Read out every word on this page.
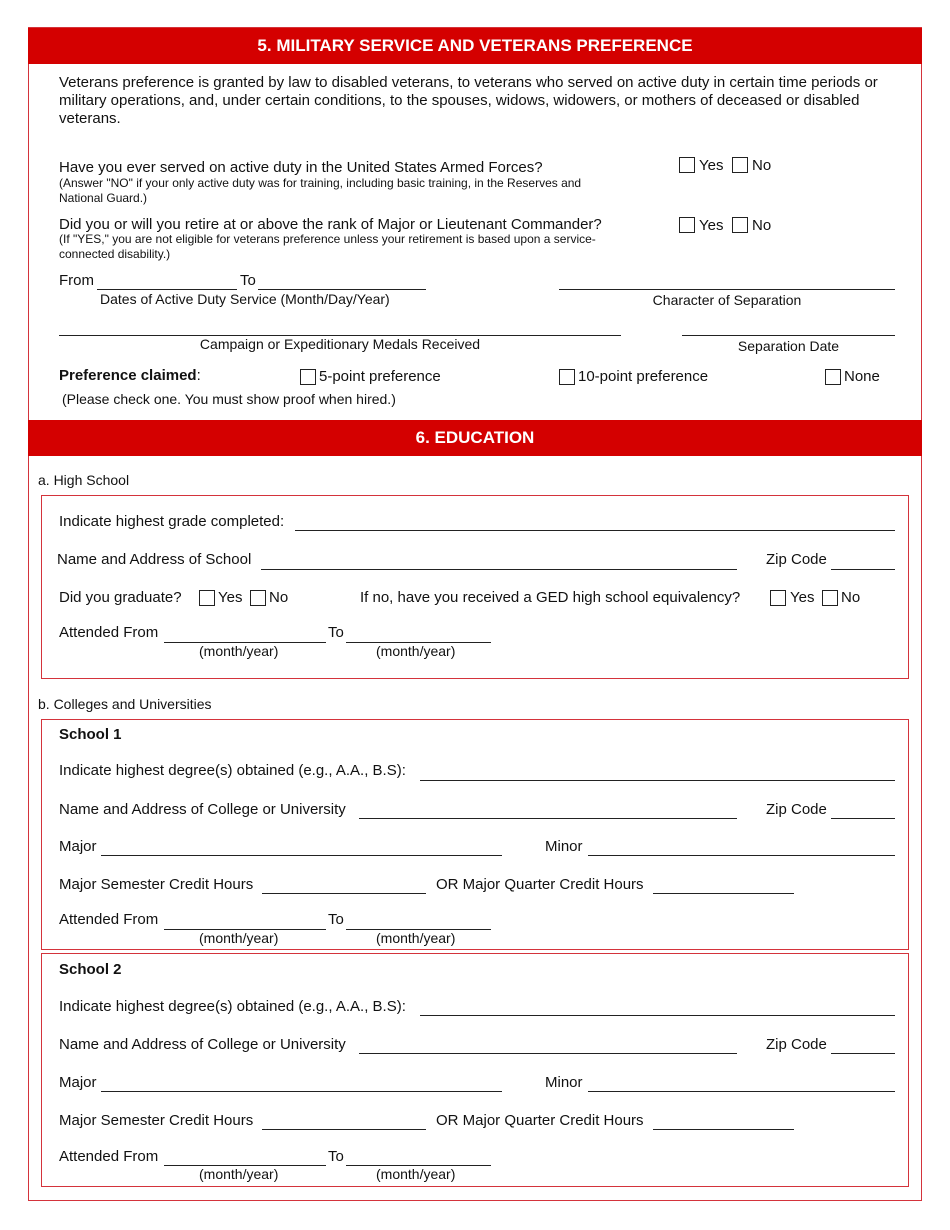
5. MILITARY SERVICE AND VETERANS PREFERENCE
Veterans preference is granted by law to disabled veterans, to veterans who served on active duty in certain time periods or military operations, and, under certain conditions, to the spouses, widows, widowers, or mothers of deceased or disabled veterans.
Have you ever served on active duty in the United States Armed Forces?
(Answer "NO" if your only active duty was for training, including basic training, in the Reserves and National Guard.)
Yes No
Did you or will you retire at or above the rank of Major or Lieutenant Commander?
(If "YES," you are not eligible for veterans preference unless your retirement is based upon a service-connected disability.)
Yes No
From	To
Dates of Active Duty Service (Month/Day/Year)	Character of Separation
Campaign or Expeditionary Medals Received	Separation Date
Preference claimed:	5-point preference	10-point preference	None
(Please check one. You must show proof when hired.)
6. EDUCATION
a. High School
Indicate highest grade completed:
Name and Address of School	Zip Code
Did you graduate? Yes No	If no, have you received a GED high school equivalency?	Yes No
Attended From	To
(month/year)	(month/year)
b. Colleges and Universities
School 1
Indicate highest degree(s) obtained (e.g., A.A., B.S):
Name and Address of College or University	Zip Code
Major	Minor
Major Semester Credit Hours	OR Major Quarter Credit Hours
Attended From	To
(month/year)	(month/year)
School 2
Indicate highest degree(s) obtained (e.g., A.A., B.S):
Name and Address of College or University	Zip Code
Major	Minor
Major Semester Credit Hours	OR Major Quarter Credit Hours
Attended From	To
(month/year)	(month/year)
